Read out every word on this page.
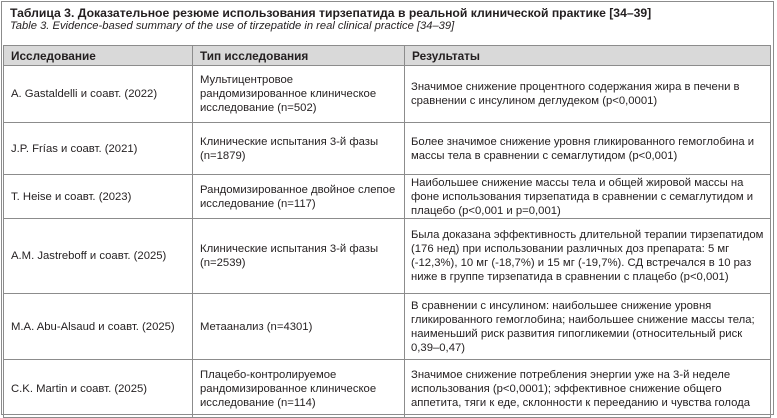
Таблица 3. Доказательное резюме использования тирзепатида в реальной клинической практике [34–39]
Table 3. Evidence-based summary of the use of tirzepatide in real clinical practice [34–39]
Исследование	Тип исследования	Результаты
A. Gastaldelli и соавт. (2022)	Мультицентровое рандомизированное клиническое исследование (n=502)	Значимое снижение процентного содержания жира в печени в сравнении с инсулином деглудеком (p<0,0001)
J.P. Frías и соавт. (2021)	Клинические испытания 3-й фазы (n=1879)	Более значимое снижение уровня гликированного гемоглобина и массы тела в сравнении с семаглутидом (p<0,001)
T. Heise и соавт. (2023)	Рандомизированное двойное слепое исследование (n=117)	Наибольшее снижение массы тела и общей жировой массы на фоне использования тирзепатида в сравнении с семаглутидом и плацебо (p<0,001 и p=0,001)
A.M. Jastreboff и соавт. (2025)	Клинические испытания 3-й фазы (n=2539)	Была доказана эффективность длительной терапии тирзепатидом (176 нед) при использовании различных доз препарата: 5 мг (-12,3%), 10 мг (-18,7%) и 15 мг (-19,7%). СД встречался в 10 раз ниже в группе тирзепатида в сравнении с плацебо (p<0,001)
M.A. Abu-Alsaud и соавт. (2025)	Метаанализ (n=4301)	В сравнении с инсулином: наибольшее снижение уровня гликированного гемоглобина; наибольшее снижение массы тела; наименьший риск развития гипогликемии (относительный риск 0,39–0,47)
C.K. Martin и соавт. (2025)	Плацебо-контролируемое рандомизированное клиническое исследование (n=114)	Значимое снижение потребления энергии уже на 3-й неделе использования (p<0,0001); эффективное снижение общего аппетита, тяги к еде, склонности к переедaнию и чувства голода
